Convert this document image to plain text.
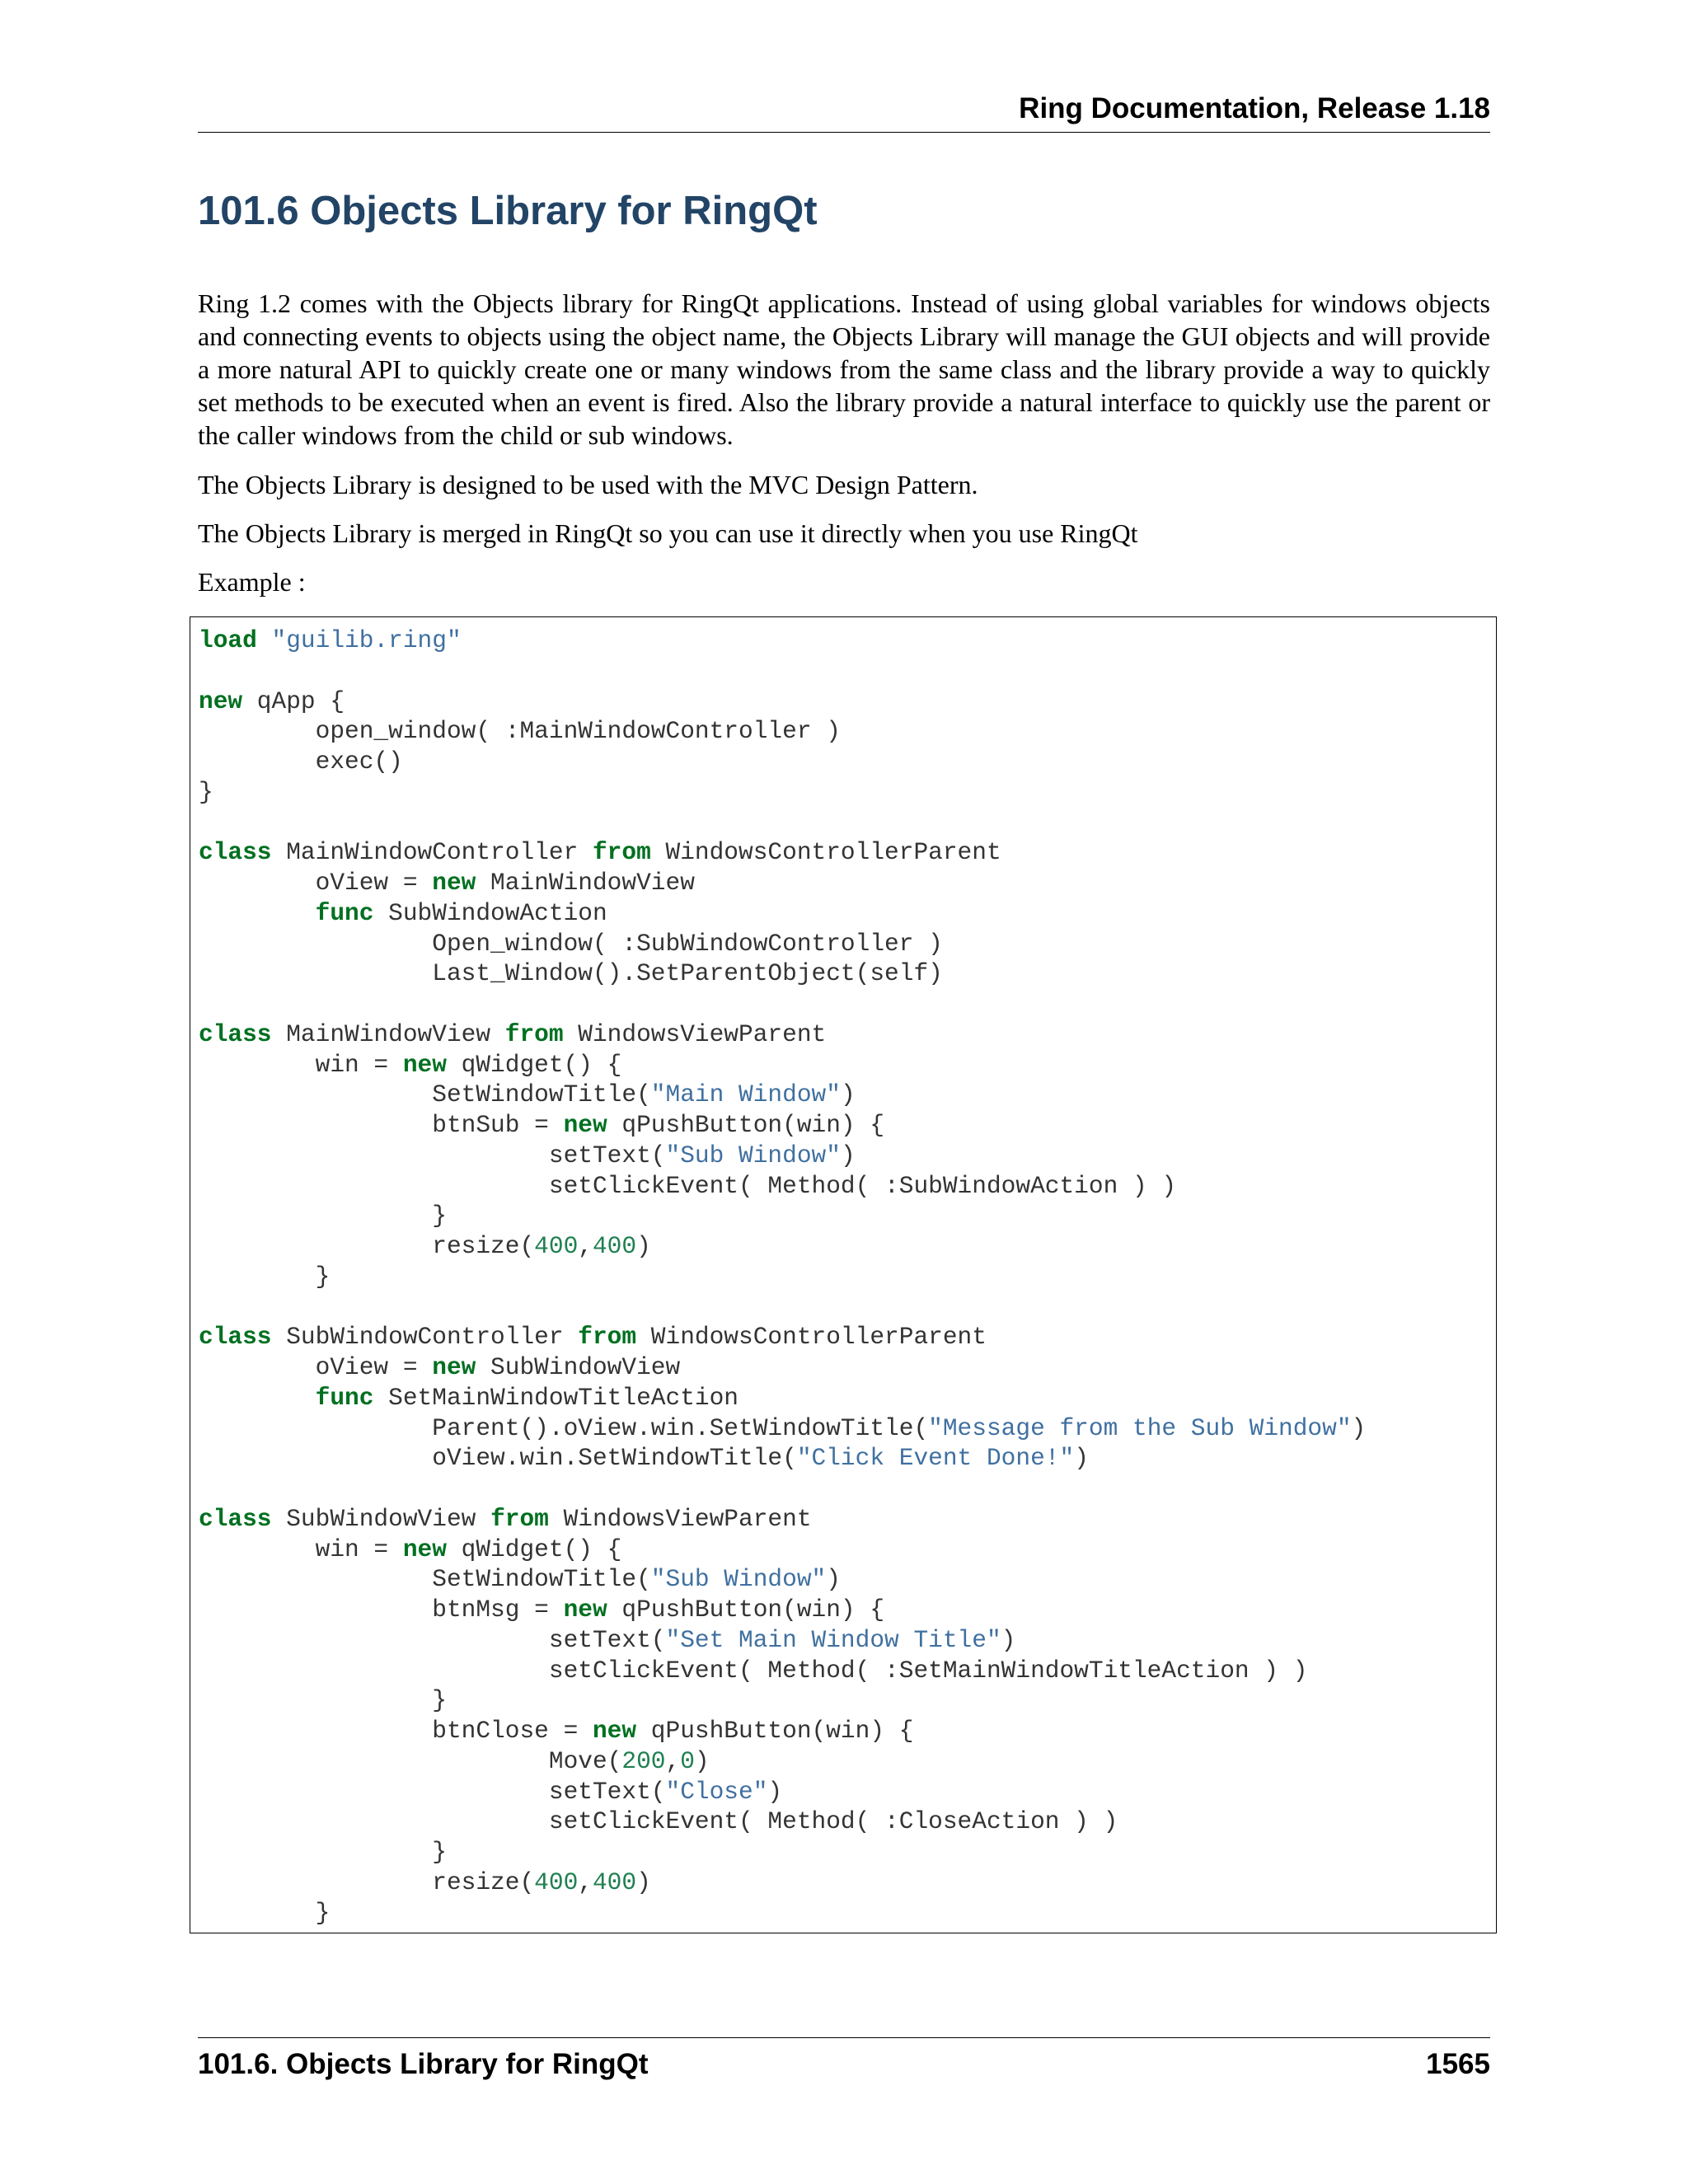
Ring Documentation, Release 1.18
101.6 Objects Library for RingQt

Ring 1.2 comes with the Objects library for RingQt applications. Instead of using global variables for windows objects and connecting events to objects using the object name, the Objects Library will manage the GUI objects and will provide a more natural API to quickly create one or many windows from the same class and the library provide a way to quickly set methods to be executed when an event is fired. Also the library provide a natural interface to quickly use the parent or the caller windows from the child or sub windows.

The Objects Library is designed to be used with the MVC Design Pattern.

The Objects Library is merged in RingQt so you can use it directly when you use RingQt

Example :

load "guilib.ring"

new qApp {
open_window( :MainWindowController )
exec()
}

class MainWindowController from WindowsControllerParent
oView = new MainWindowView
func SubWindowAction
Open_window( :SubWindowController )
Last_Window().SetParentObject(self)

class MainWindowView from WindowsViewParent
win = new qWidget() {
SetWindowTitle("Main Window")
btnSub = new qPushButton(win) {
setText("Sub Window")
setClickEvent( Method( :SubWindowAction ) )
}
resize(400,400)
}

class SubWindowController from WindowsControllerParent
oView = new SubWindowView
func SetMainWindowTitleAction
Parent().oView.win.SetWindowTitle("Message from the Sub Window")
oView.win.SetWindowTitle("Click Event Done!")

class SubWindowView from WindowsViewParent
win = new qWidget() {
SetWindowTitle("Sub Window")
btnMsg = new qPushButton(win) {
setText("Set Main Window Title")
setClickEvent( Method( :SetMainWindowTitleAction ) )
}
btnClose = new qPushButton(win) {
Move(200,0)
setText("Close")
setClickEvent( Method( :CloseAction ) )
}
resize(400,400)
}
101.6. Objects Library for RingQt	1565
